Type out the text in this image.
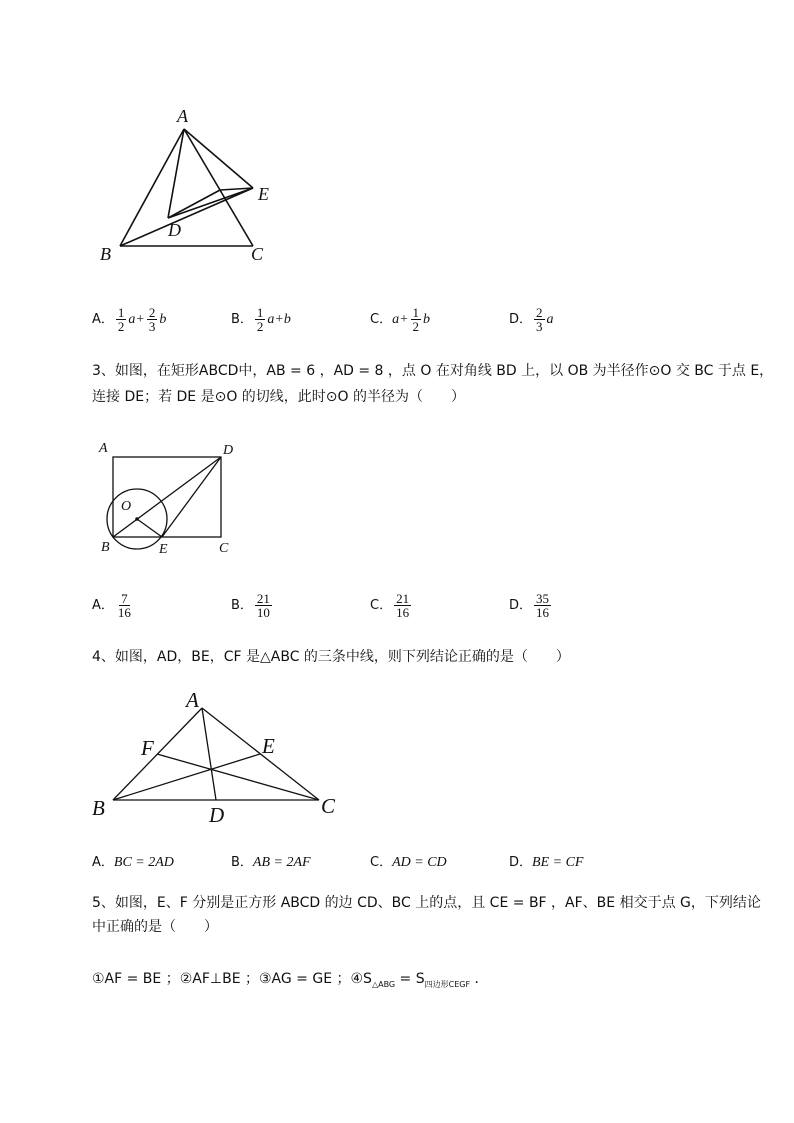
A
B	C
D
E
A． $\frac{1}{2} a+ \frac{2}{3}$ b	B． $\frac{1}{2} a+b$	C．$a+ \frac{1}{2}$ b	D． $\frac{2}{3}$ a
3、如图，在矩形ABCD中，AB = 6 ，AD = 8 ，点 O 在对角线 BD 上，以 OB 为半径作⊙O 交 BC 于点 E，
连接 DE；若 DE 是⊙O 的切线，此时⊙O 的半径为（　　）
A	D
O
B	E	C
A． $\frac{7}{16}$	B． $\frac{21}{10}$	C． $\frac{21}{16}$	D． $\frac{35}{16}$
4、如图，AD，BE，CF 是△ABC 的三条中线，则下列结论正确的是（　　）
A
F	E
B	D	C
A．BC = 2AD	B．AB = 2AF	C．AD = CD	D．BE = CF
5、如图，E、F 分别是正方形 ABCD 的边 CD、BC 上的点，且 CE = BF ，AF、BE 相交于点 G，下列结论
中正确的是（　　）
①AF = BE ；②AF⊥BE ；③AG = GE ；$④S_{\triangle ABG} = S_{四边形CEGF}$ ．
